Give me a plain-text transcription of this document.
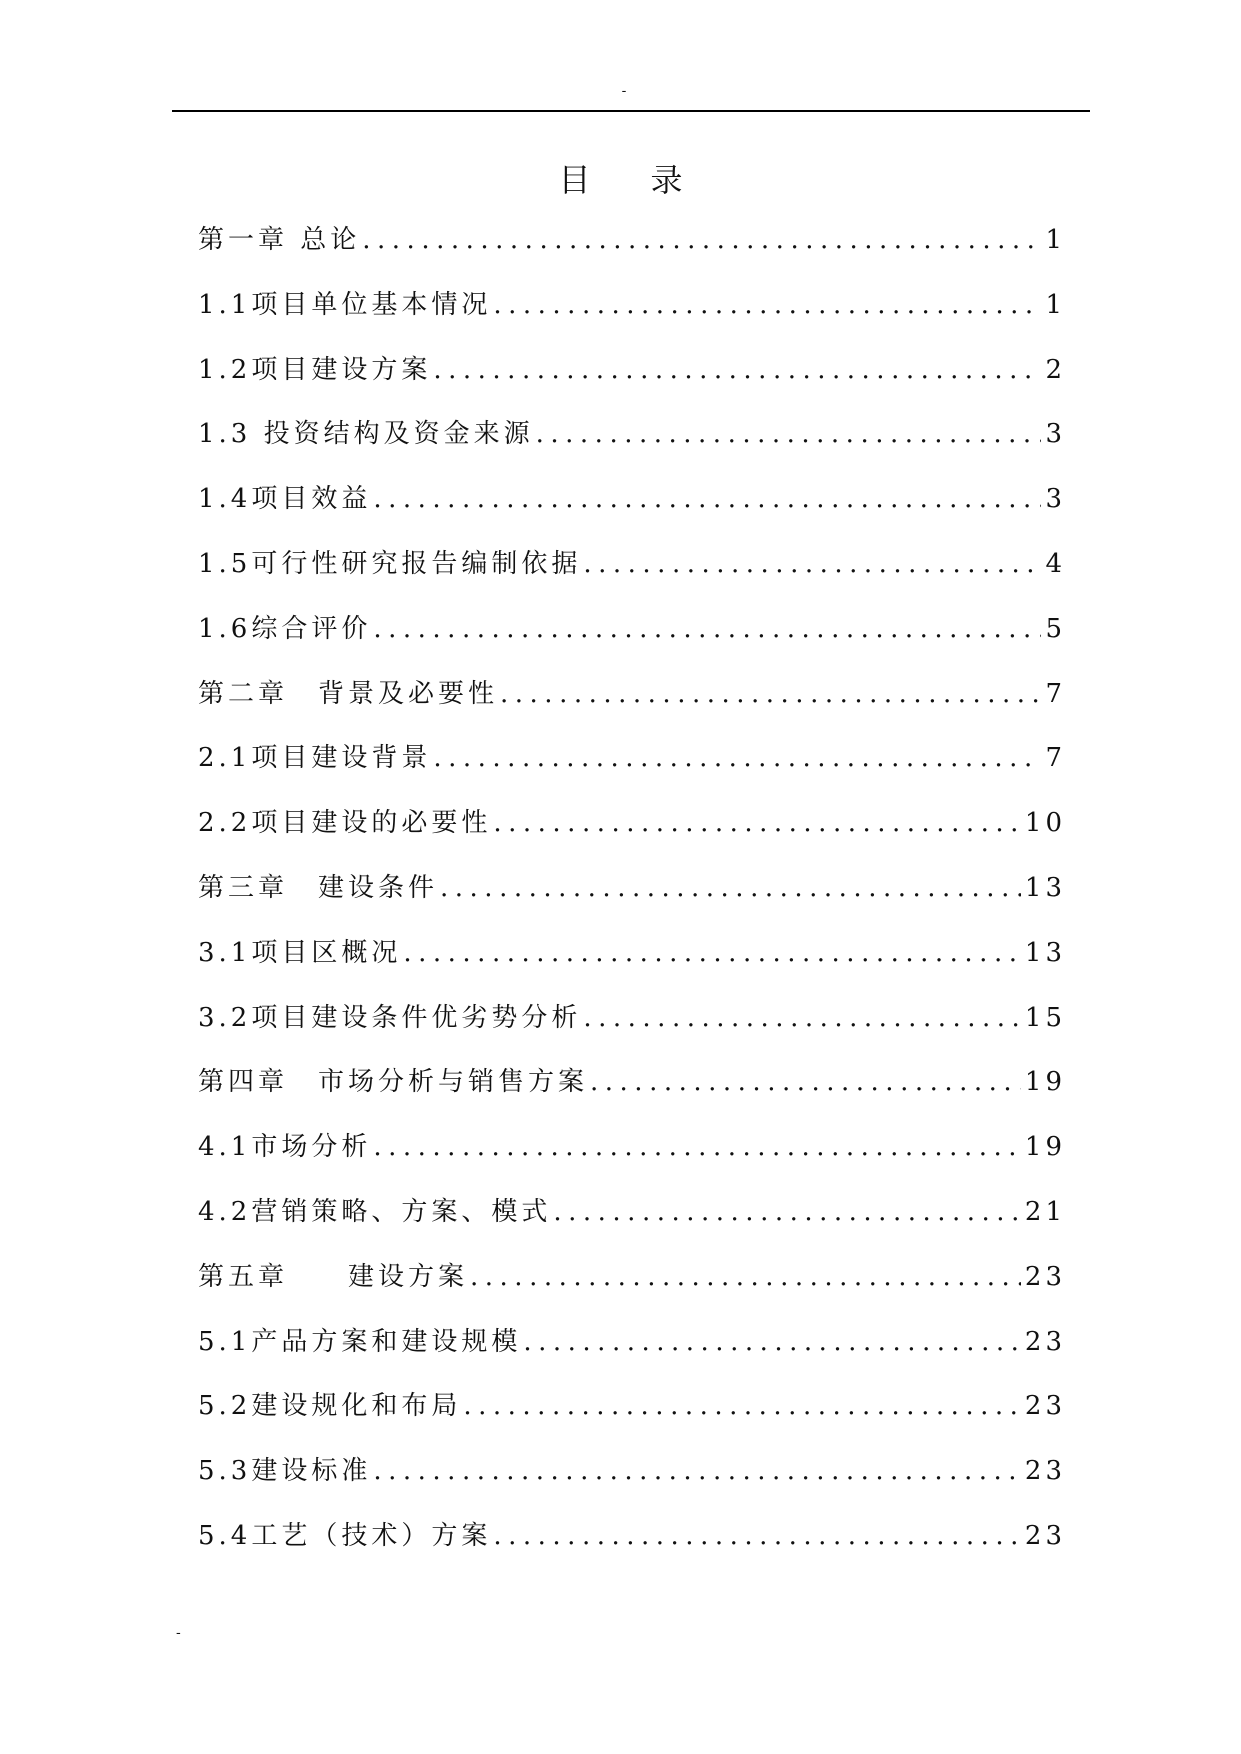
-
目录
第一章 总论 .....	1
1.1项目单位基本情况 .....	1
1.2项目建设方案 .....	2
1.3 投资结构及资金来源 .....	3
1.4项目效益 .....	3
1.5可行性研究报告编制依据 .....	4
1.6综合评价 .....	5
第二章　背景及必要性 .....	7
2.1项目建设背景 .....	7
2.2项目建设的必要性 .....	10
第三章　建设条件 .....	13
3.1项目区概况 .....	13
3.2项目建设条件优劣势分析 .....	15
第四章　市场分析与销售方案 .....	19
4.1市场分析 .....	19
4.2营销策略、方案、模式 .....	21
第五章　　建设方案 .....	23
5.1产品方案和建设规模 .....	23
5.2建设规化和布局 .....	23
5.3建设标准 .....	23
5.4工艺（技术）方案 .....	23
-
